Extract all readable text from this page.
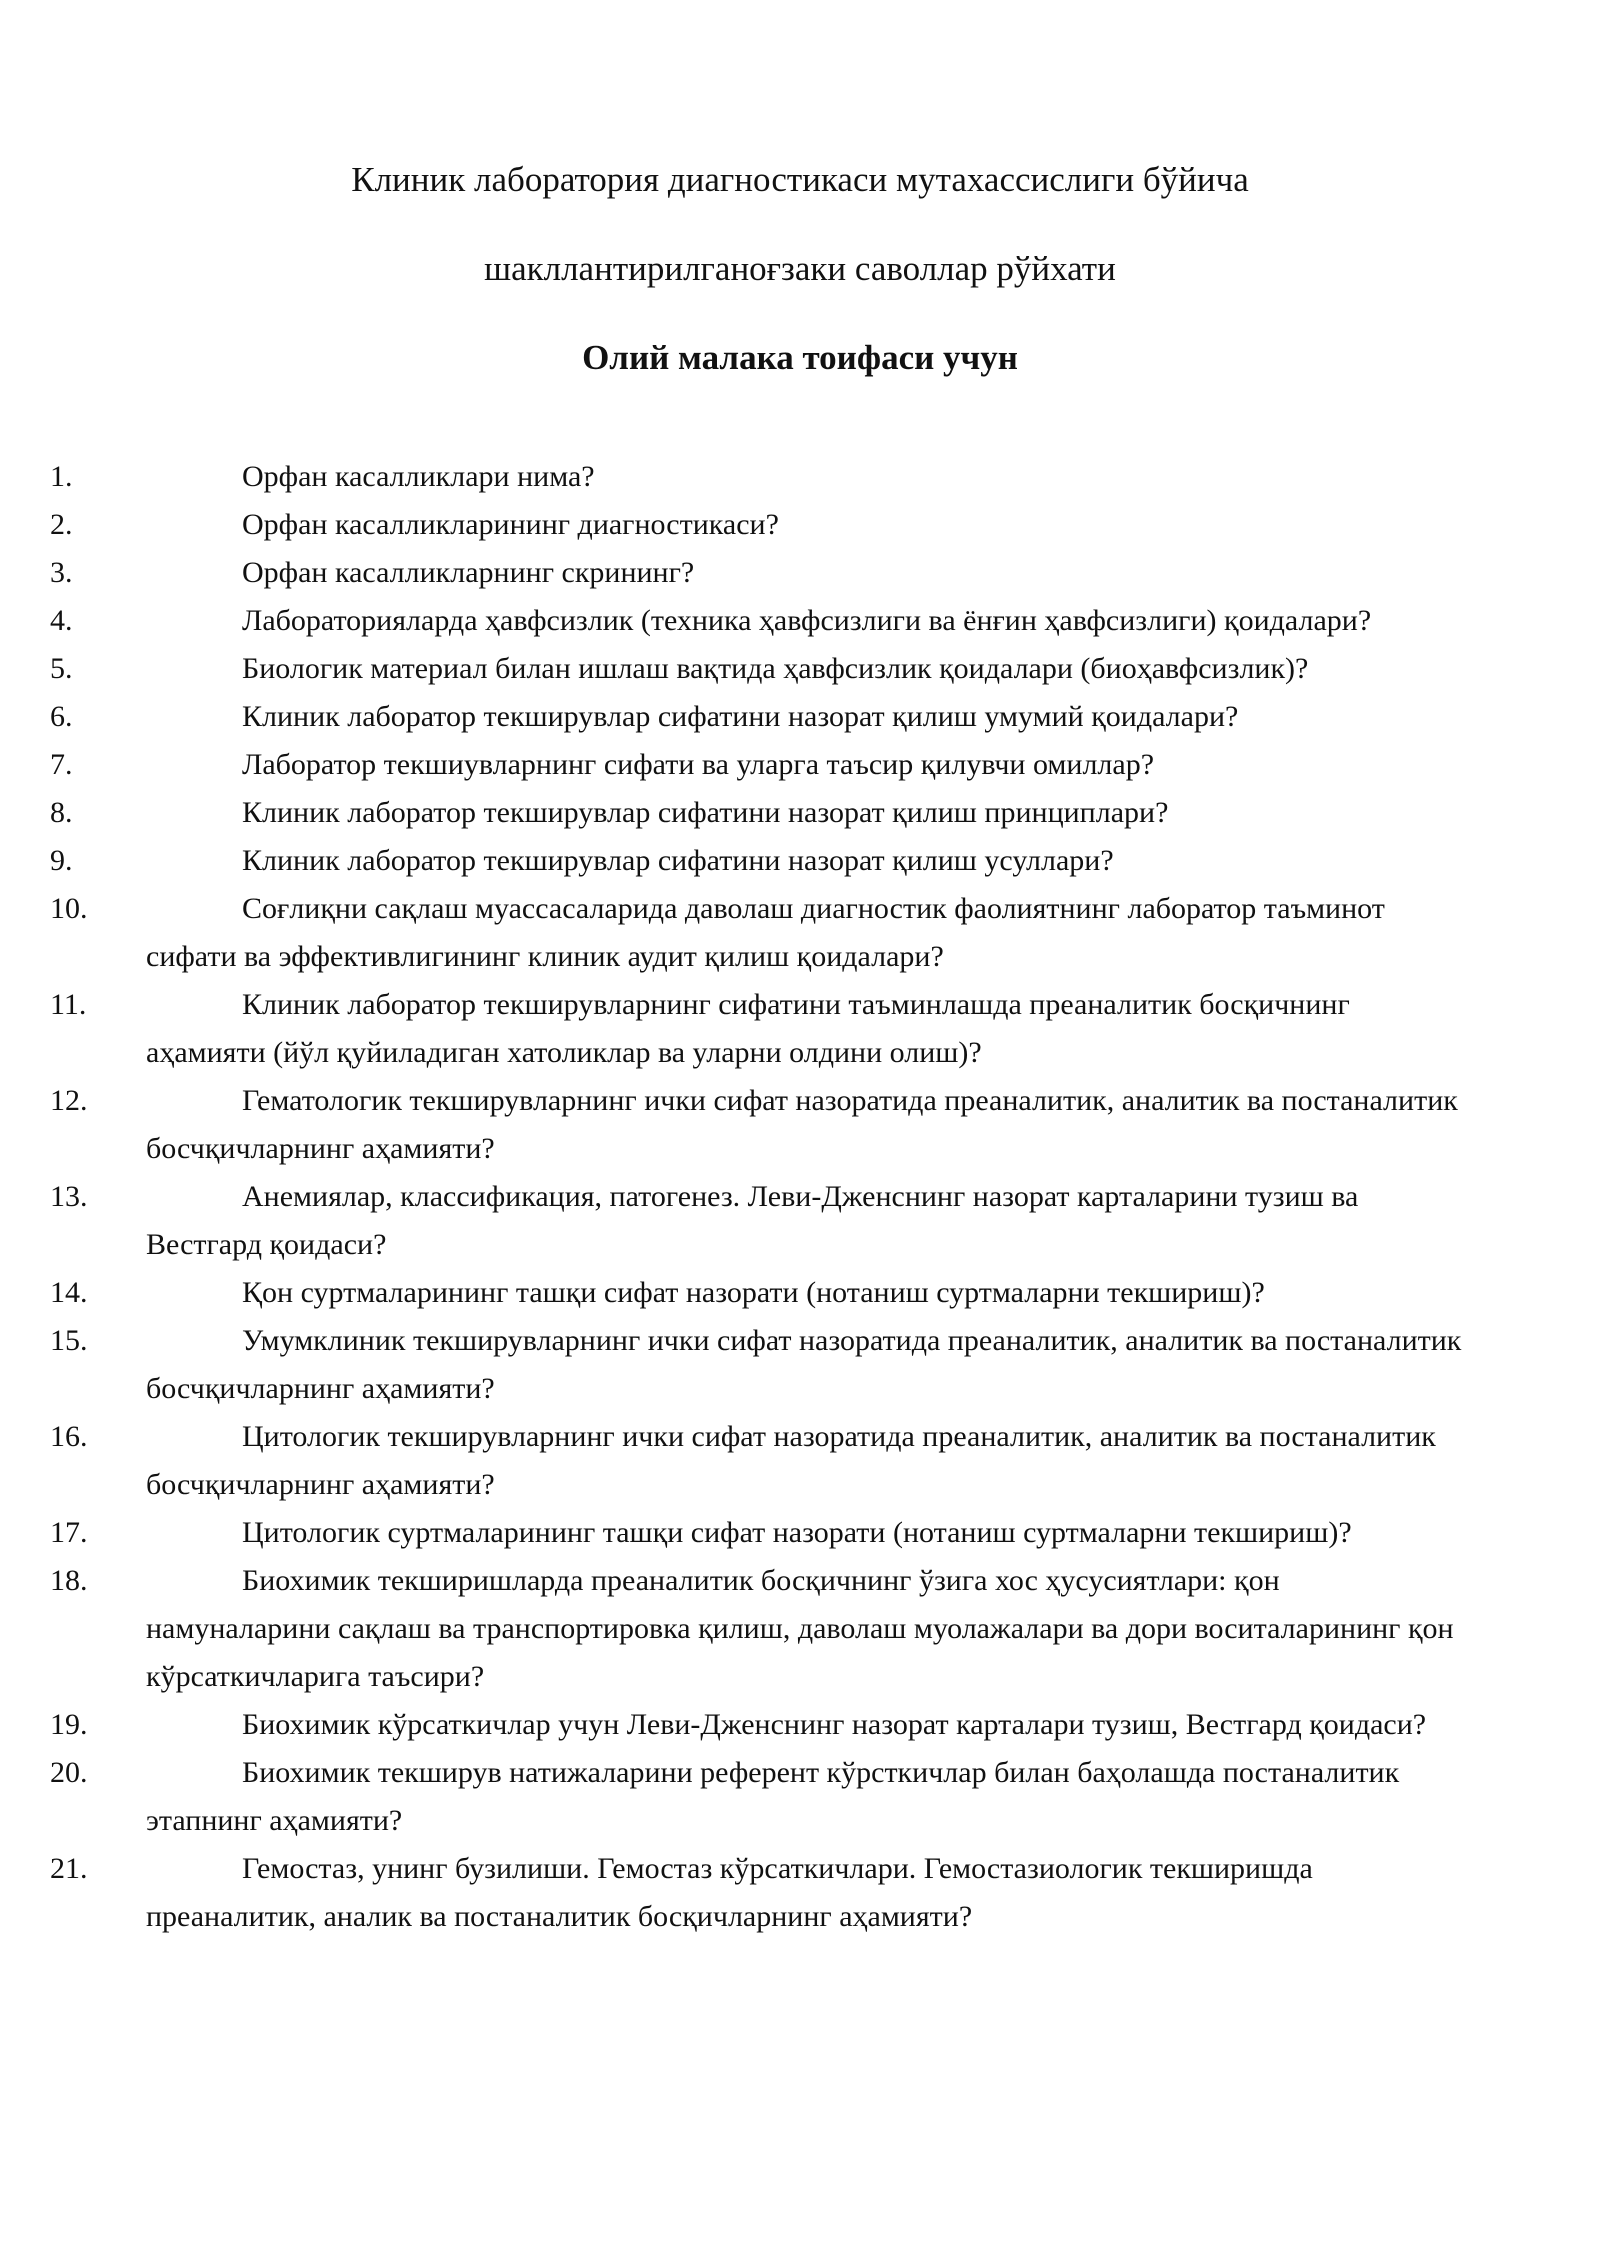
Клиник лаборатория диагностикаси мутахассислиги бўйича
шакллантирилганоғзаки саволлар рўйхати
Олий малака тоифаси учун
1.	Орфан касалликлари нима?
2.	Орфан касалликларининг диагностикаси?
3.	Орфан касалликларнинг скрининг?
4.	Лабораторияларда ҳавфсизлик (техника ҳавфсизлиги ва ёнғин ҳавфсизлиги) қоидалари?
5.	Биологик материал билан ишлаш вақтида ҳавфсизлик қоидалари (биоҳавфсизлик)?
6.	Клиник лаборатор текширувлар сифатини назорат қилиш умумий қоидалари?
7.	Лаборатор текшиувларнинг сифати ва уларга таъсир қилувчи омиллар?
8.	Клиник лаборатор текширувлар сифатини назорат қилиш принциплари?
9.	Клиник лаборатор текширувлар сифатини назорат қилиш усуллари?
10.	Соғлиқни сақлаш муассасаларида даволаш диагностик фаолиятнинг лаборатор таъминот сифати ва эффективлигининг клиник аудит қилиш қоидалари?
11.	Клиник лаборатор текширувларнинг сифатини таъминлашда преаналитик босқичнинг аҳамияти (йўл қуйиладиган хатоликлар ва уларни олдини олиш)?
12.	Гематологик текширувларнинг ички сифат назоратида преаналитик, аналитик ва постаналитик босчқичларнинг аҳамияти?
13.	Анемиялар, классификация, патогенез. Леви-Дженснинг назорат карталарини тузиш ва Вестгард қоидаси?
14.	Қон суртмаларининг ташқи сифат назорати (нотаниш суртмаларни текшириш)?
15.	Умумклиник текширувларнинг ички сифат назоратида преаналитик, аналитик ва постаналитик босчқичларнинг аҳамияти?
16.	Цитологик текширувларнинг ички сифат назоратида преаналитик, аналитик ва постаналитик босчқичларнинг аҳамияти?
17.	Цитологик суртмаларининг ташқи сифат назорати (нотаниш суртмаларни текшириш)?
18.	Биохимик текширишларда преаналитик босқичнинг ўзига хос ҳусусиятлари: қон намуналарини сақлаш ва транспортировка қилиш, даволаш муолажалари ва дори воситаларининг қон кўрсаткичларига таъсири?
19.	Биохимик кўрсаткичлар учун Леви-Дженснинг назорат карталари тузиш, Вестгард қоидаси?
20.	Биохимик текширув натижаларини референт кўрсткичлар билан баҳолашда постаналитик этапнинг аҳамияти?
21.	Гемостаз, унинг бузилиши. Гемостаз кўрсаткичлари. Гемостазиологик текширишда преаналитик, аналик ва постаналитик босқичларнинг аҳамияти?
